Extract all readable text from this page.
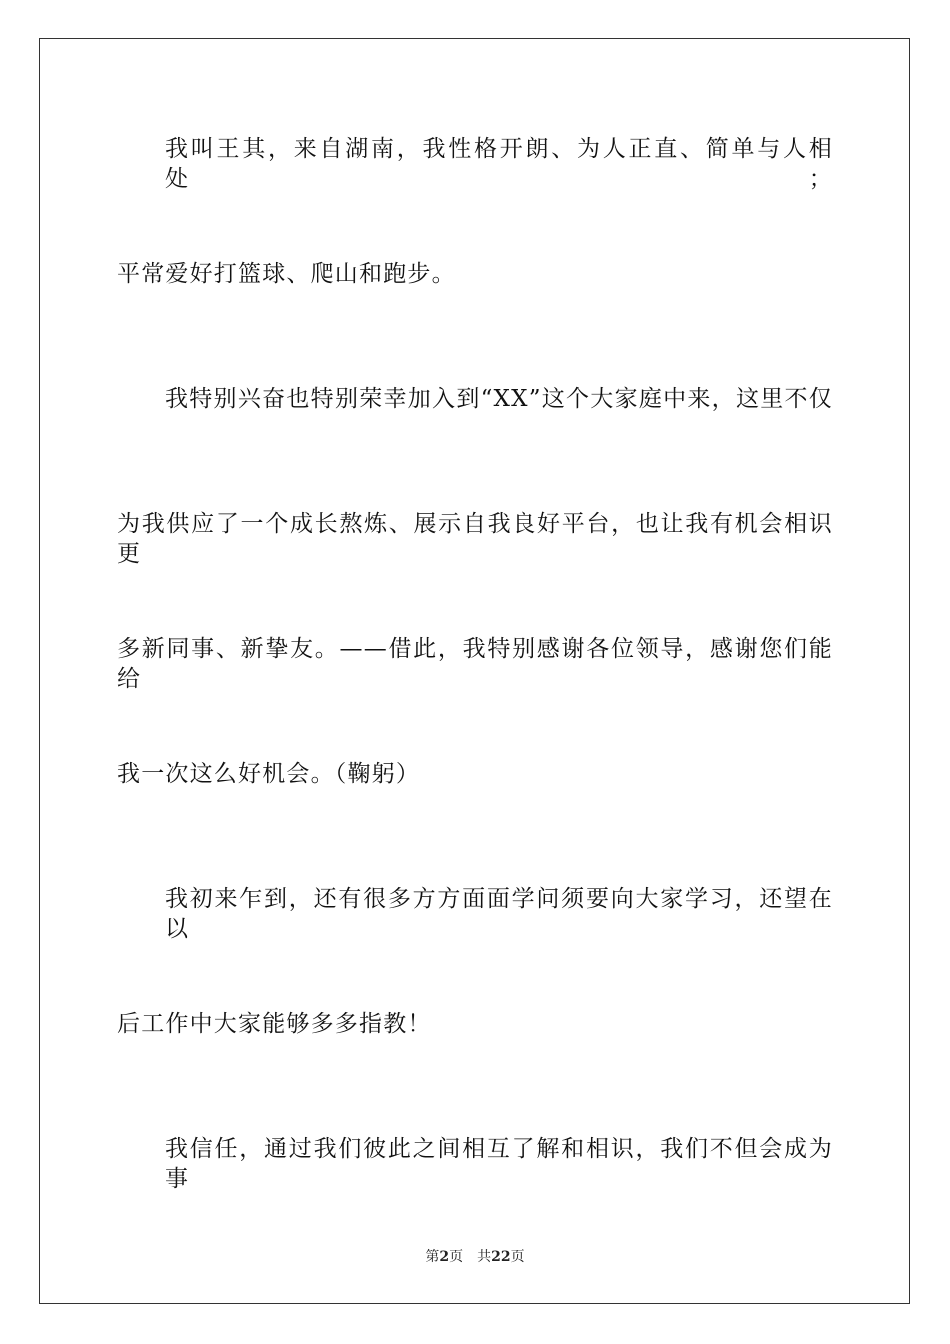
我叫王其，来自湖南，我性格开朗、为人正直、简单与人相处；
平常爱好打篮球、爬山和跑步。
我特别兴奋也特别荣幸加入到“XX”这个大家庭中来，这里不仅
为我供应了一个成长熬炼、展示自我良好平台，也让我有机会相识更
多新同事、新挚友。——借此，我特别感谢各位领导，感谢您们能给
我一次这么好机会。（鞠躬）
我初来乍到，还有很多方方面面学问须要向大家学习，还望在以
后工作中大家能够多多指教！
我信任，通过我们彼此之间相互了解和相识，我们不但会成为事
第2页 共22页
